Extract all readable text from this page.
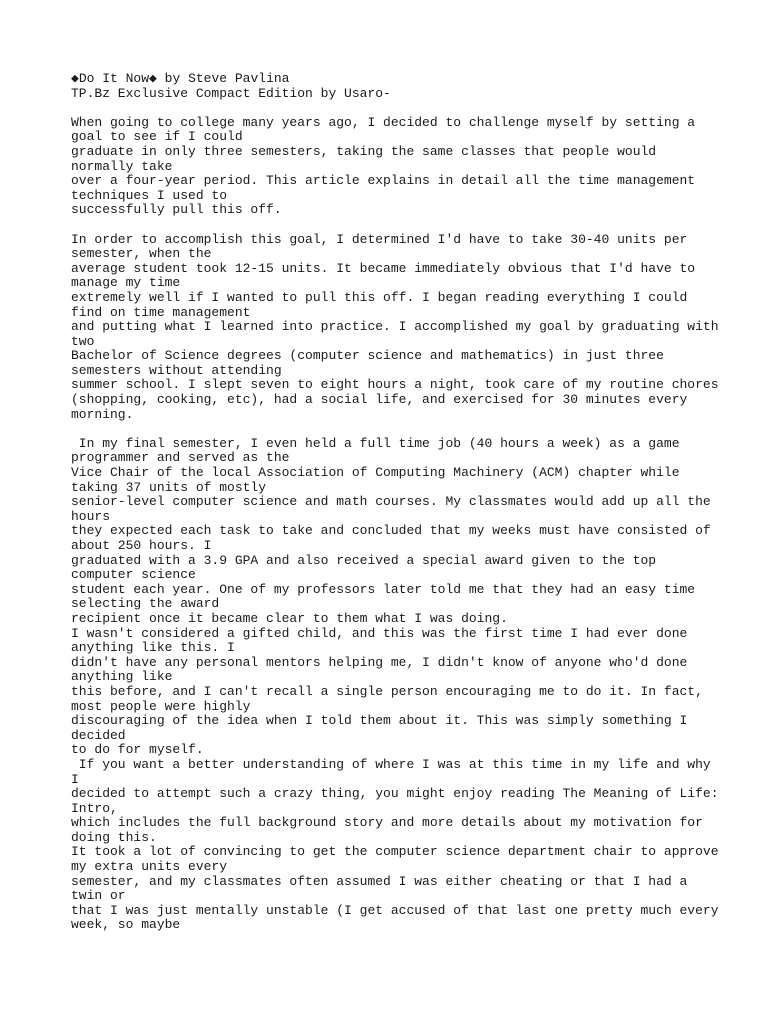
◆Do It Now◆ by Steve Pavlina
TP.Bz Exclusive Compact Edition by Usaro-
When going to college many years ago, I decided to challenge myself by setting a
goal to see if I could
graduate in only three semesters, taking the same classes that people would
normally take
over a four-year period. This article explains in detail all the time management
techniques I used to
successfully pull this off.
In order to accomplish this goal, I determined I'd have to take 30-40 units per
semester, when the
average student took 12-15 units. It became immediately obvious that I'd have to
manage my time
extremely well if I wanted to pull this off. I began reading everything I could
find on time management
and putting what I learned into practice. I accomplished my goal by graduating with
two
Bachelor of Science degrees (computer science and mathematics) in just three
semesters without attending
summer school. I slept seven to eight hours a night, took care of my routine chores
(shopping, cooking, etc), had a social life, and exercised for 30 minutes every
morning.
In my final semester, I even held a full time job (40 hours a week) as a game
programmer and served as the
Vice Chair of the local Association of Computing Machinery (ACM) chapter while
taking 37 units of mostly
senior-level computer science and math courses. My classmates would add up all the
hours
they expected each task to take and concluded that my weeks must have consisted of
about 250 hours. I
graduated with a 3.9 GPA and also received a special award given to the top
computer science
student each year. One of my professors later told me that they had an easy time
selecting the award
recipient once it became clear to them what I was doing.
I wasn't considered a gifted child, and this was the first time I had ever done
anything like this. I
didn't have any personal mentors helping me, I didn't know of anyone who'd done
anything like
this before, and I can't recall a single person encouraging me to do it. In fact,
most people were highly
discouraging of the idea when I told them about it. This was simply something I
decided
to do for myself.
If you want a better understanding of where I was at this time in my life and why
I
decided to attempt such a crazy thing, you might enjoy reading The Meaning of Life:
Intro,
which includes the full background story and more details about my motivation for
doing this.
It took a lot of convincing to get the computer science department chair to approve
my extra units every
semester, and my classmates often assumed I was either cheating or that I had a
twin or
that I was just mentally unstable (I get accused of that last one pretty much every
week, so maybe
